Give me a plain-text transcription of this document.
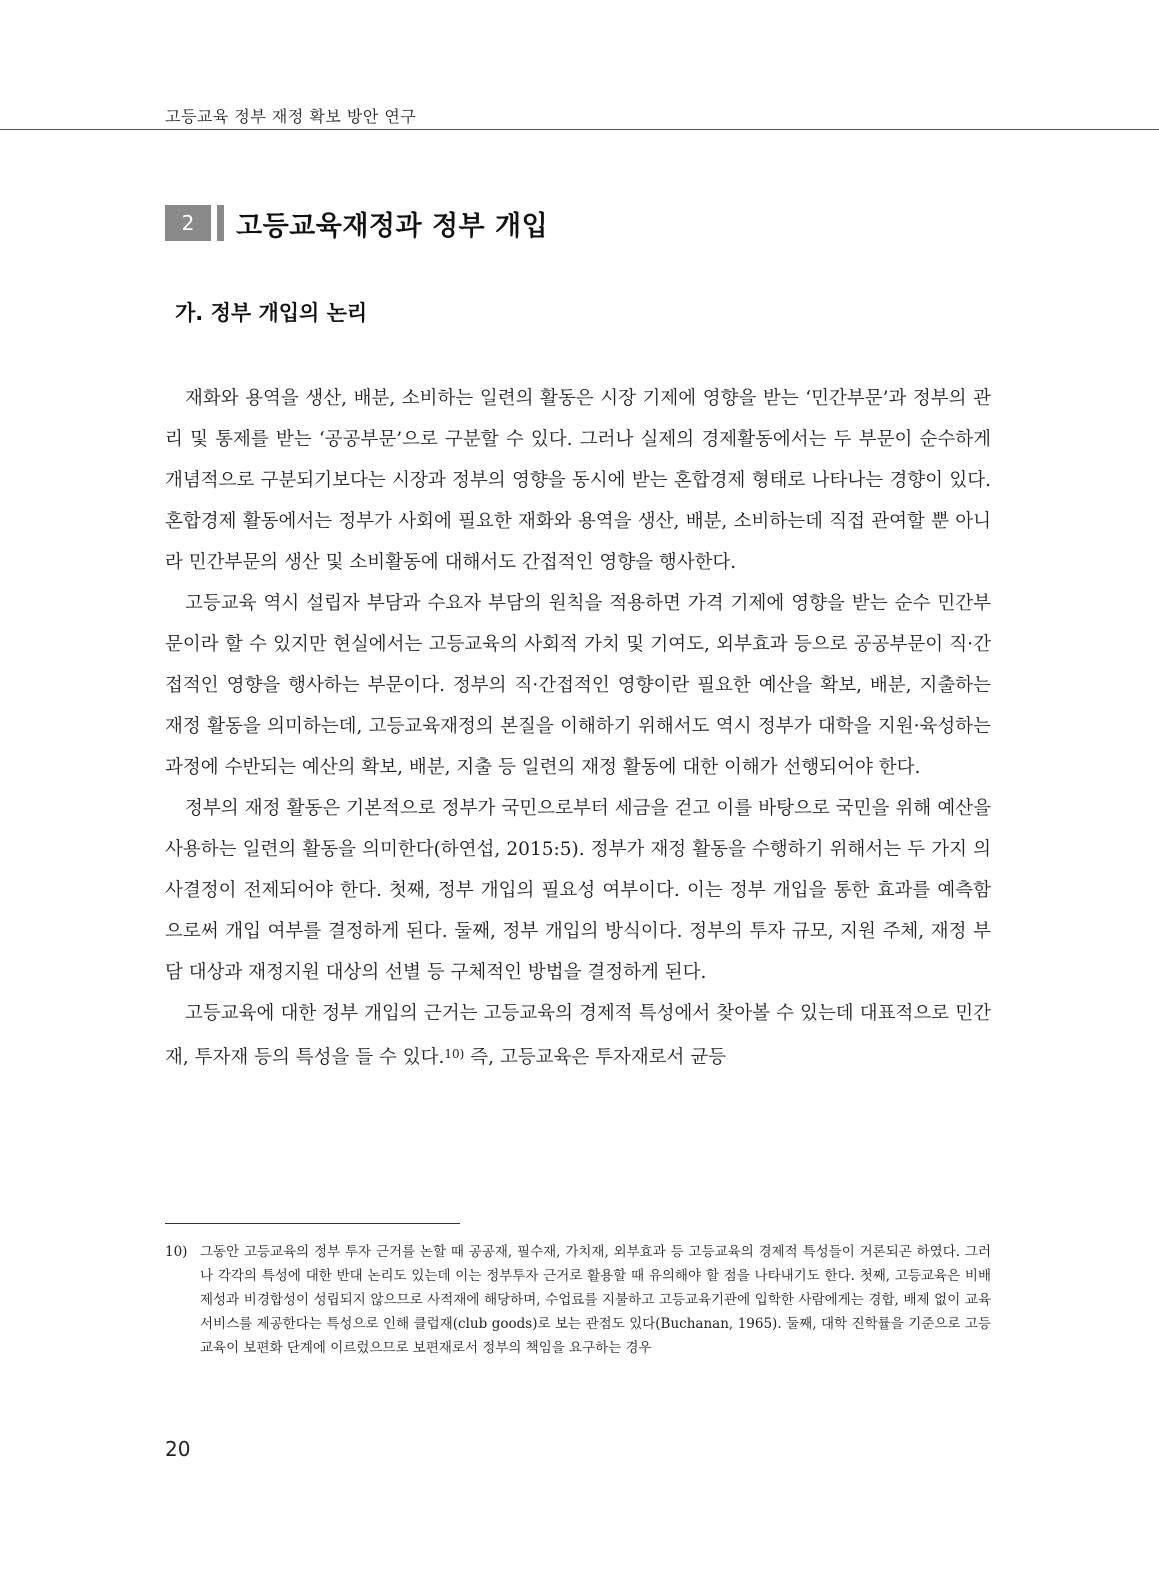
고등교육 정부 재정 확보 방안 연구
2	고등교육재정과 정부 개입
가. 정부 개입의 논리

재화와 용역을 생산, 배분, 소비하는 일련의 활동은 시장 기제에 영향을 받는 ‘민간부문’과 정부의 관리 및 통제를 받는 ‘공공부문’으로 구분할 수 있다. 그러나 실제의 경제활동에서는 두 부문이 순수하게 개념적으로 구분되기보다는 시장과 정부의 영향을 동시에 받는 혼합경제 형태로 나타나는 경향이 있다. 혼합경제 활동에서는 정부가 사회에 필요한 재화와 용역을 생산, 배분, 소비하는데 직접 관여할 뿐 아니라 민간부문의 생산 및 소비활동에 대해서도 간접적인 영향을 행사한다.

고등교육 역시 설립자 부담과 수요자 부담의 원칙을 적용하면 가격 기제에 영향을 받는 순수 민간부문이라 할 수 있지만 현실에서는 고등교육의 사회적 가치 및 기여도, 외부효과 등으로 공공부문이 직·간접적인 영향을 행사하는 부문이다. 정부의 직·간접적인 영향이란 필요한 예산을 확보, 배분, 지출하는 재정 활동을 의미하는데, 고등교육재정의 본질을 이해하기 위해서도 역시 정부가 대학을 지원·육성하는 과정에 수반되는 예산의 확보, 배분, 지출 등 일련의 재정 활동에 대한 이해가 선행되어야 한다.

정부의 재정 활동은 기본적으로 정부가 국민으로부터 세금을 걷고 이를 바탕으로 국민을 위해 예산을 사용하는 일련의 활동을 의미한다(하연섭, 2015:5). 정부가 재정 활동을 수행하기 위해서는 두 가지 의사결정이 전제되어야 한다. 첫째, 정부 개입의 필요성 여부이다. 이는 정부 개입을 통한 효과를 예측함으로써 개입 여부를 결정하게 된다. 둘째, 정부 개입의 방식이다. 정부의 투자 규모, 지원 주체, 재정 부담 대상과 재정지원 대상의 선별 등 구체적인 방법을 결정하게 된다.

고등교육에 대한 정부 개입의 근거는 고등교육의 경제적 특성에서 찾아볼 수 있는데 대표적으로 민간재, 투자재 등의 특성을 들 수 있다.$^{10)}$ 즉, 고등교육은 투자재로서 균등

10) 그동안 고등교육의 정부 투자 근거를 논할 때 공공재, 필수재, 가치재, 외부효과 등 고등교육의 경제적 특성들이 거론되곤 하였다. 그러나 각각의 특성에 대한 반대 논리도 있는데 이는 정부투자 근거로 활용할 때 유의해야 할 점을 나타내기도 한다. 첫째, 고등교육은 비배제성과 비경합성이 성립되지 않으므로 사적재에 해당하며, 수업료를 지불하고 고등교육기관에 입학한 사람에게는 경합, 배제 없이 교육서비스를 제공한다는 특성으로 인해 클럽재(club goods)로 보는 관점도 있다(Buchanan, 1965). 둘째, 대학 진학률을 기준으로 고등교육이 보편화 단계에 이르렀으므로 보편재로서 정부의 책임을 요구하는 경우
20
